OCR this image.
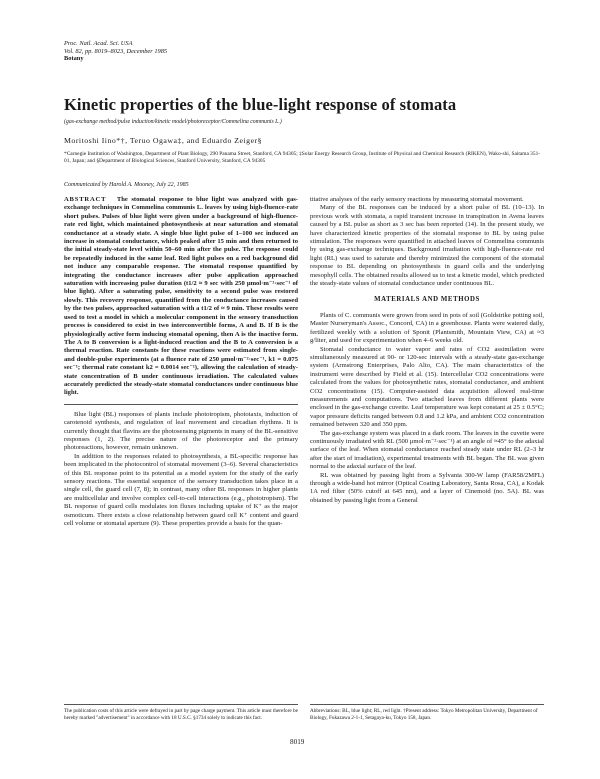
Proc. Natl. Acad. Sci. USA
Vol. 82, pp. 8019–8023, December 1985
Botany
Kinetic properties of the blue-light response of stomata
(gas-exchange method/pulse induction/kinetic model/photoreceptor/Commelina communis L.)
Moritoshi Iino*†, Teruo Ogawa‡, and Eduardo Zeiger§
*Carnegie Institution of Washington, Department of Plant Biology, 290 Panama Street, Stanford, CA 94305; ‡Solar Energy Research Group, Institute of Physical and Chemical Research (RIKEN), Wako-shi, Saitama 351-01, Japan; and §Department of Biological Sciences, Stanford University, Stanford, CA 94305
Communicated by Harold A. Mooney, July 22, 1985

ABSTRACT The stomatal response to blue light was analyzed with gas-exchange techniques in Commelina communis L. leaves by using high-fluence-rate short pulses. Pulses of blue light were given under a background of high-fluence-rate red light, which maintained photosynthesis at near saturation and stomatal conductance at a steady state. A single blue light pulse of 1–100 sec induced an increase in stomatal conductance, which peaked after 15 min and then returned to the initial steady-state level within 50–60 min after the pulse. The response could be repeatedly induced in the same leaf. Red light pulses on a red background did not induce any comparable response. The stomatal response quantified by integrating the conductance increases after pulse application approached saturation with increasing pulse duration (t1/2 ≈ 9 sec with 250 μmol·m⁻²·sec⁻¹ of blue light). After a saturating pulse, sensitivity to a second pulse was restored slowly. This recovery response, quantified from the conductance increases caused by the two pulses, approached saturation with a t1/2 of ≈ 9 min. These results were used to test a model in which a molecular component in the sensory transduction process is considered to exist in two interconvertible forms, A and B. If B is the physiologically active form inducing stomatal opening, then A is the inactive form. The A to B conversion is a light-induced reaction and the B to A conversion is a thermal reaction. Rate constants for these reactions were estimated from single- and double-pulse experiments (at a fluence rate of 250 μmol·m⁻²·sec⁻¹, k1 = 0.075 sec⁻¹; thermal rate constant k2 = 0.0014 sec⁻¹), allowing the calculation of steady-state concentration of B under continuous irradiation. The calculated values accurately predicted the steady-state stomatal conductances under continuous blue light.

Blue light (BL) responses of plants include phototropism, phototaxis, induction of carotenoid synthesis, and regulation of leaf movement and circadian rhythms. It is currently thought that flavins are the photosensing pigments in many of the BL-sensitive responses (1, 2). The precise nature of the photoreceptor and the primary photoreactions, however, remain unknown.

In addition to the responses related to photosynthesis, a BL-specific response has been implicated in the photocontrol of stomatal movement (3–6). Several characteristics of this BL response point to its potential as a model system for the study of the early sensory reactions. The essential sequence of the sensory transduction takes place in a single cell, the guard cell (7, 8); in contrast, many other BL responses in higher plants are multicellular and involve complex cell-to-cell interactions (e.g., phototropism). The BL response of guard cells modulates ion fluxes including uptake of K⁺ as the major osmoticum. There exists a close relationship between guard cell K⁺ content and guard cell volume or stomatal aperture (9). These properties provide a basis for the quan-

titative analyses of the early sensory reactions by measuring stomatal movement.

Many of the BL responses can be induced by a short pulse of BL (10–13). In previous work with stomata, a rapid transient increase in transpiration in Avena leaves caused by a BL pulse as short as 3 sec has been reported (14). In the present study, we have characterized kinetic properties of the stomatal response to BL by using pulse stimulation. The responses were quantified in attached leaves of Commelina communis by using gas-exchange techniques. Background irradiation with high-fluence-rate red light (RL) was used to saturate and thereby minimized the component of the stomatal response to BL depending on photosynthesis in guard cells and the underlying mesophyll cells. The obtained results allowed us to test a kinetic model, which predicted the steady-state values of stomatal conductance under continuous BL.

MATERIALS AND METHODS

Plants of C. communis were grown from seed in pots of soil (Goldstrike potting soil, Master Nurseryman's Assoc., Concord, CA) in a greenhouse. Plants were watered daily, fertilized weekly with a solution of Sponit (Plantsmith, Mountain View, CA) at ≈3 g/liter, and used for experimentation when 4–6 weeks old.

Stomatal conductance to water vapor and rates of CO2 assimilation were simultaneously measured at 90- or 120-sec intervals with a steady-state gas-exchange system (Armstrong Enterprises, Palo Alto, CA). The main characteristics of the instrument were described by Field et al. (15). Intercellular CO2 concentrations were calculated from the values for photosynthetic rates, stomatal conductance, and ambient CO2 concentrations (15). Computer-assisted data acquisition allowed real-time measurements and computations. Two attached leaves from different plants were enclosed in the gas-exchange cuvette. Leaf temperature was kept constant at 25 ± 0.5°C; vapor pressure deficits ranged between 0.8 and 1.2 kPa, and ambient CO2 concentration remained between 320 and 350 ppm.

The gas-exchange system was placed in a dark room. The leaves in the cuvette were continuously irradiated with RL (500 μmol·m⁻²·sec⁻¹) at an angle of ≈45° to the adaxial surface of the leaf. When stomatal conductance reached steady state under RL (2–3 hr after the start of irradiation), experimental treatments with BL began. The BL was given normal to the adaxial surface of the leaf.

RL was obtained by passing light from a Sylvania 300-W lamp (FAR58/2MFL) through a wide-band hot mirror (Optical Coating Laboratory, Santa Rosa, CA), a Kodak 1A red filter (50% cutoff at 645 nm), and a layer of Cinemoid (no. 5A). BL was obtained by passing light from a General

The publication costs of this article were defrayed in part by page charge payment. This article must therefore be hereby marked "advertisement" in accordance with 18 U.S.C. §1734 solely to indicate this fact.
Abbreviations: BL, blue light; RL, red light. †Present address: Tokyo Metropolitan University, Department of Biology, Fukazawa 2-1-1, Setagaya-ku, Tokyo 158, Japan.
8019
